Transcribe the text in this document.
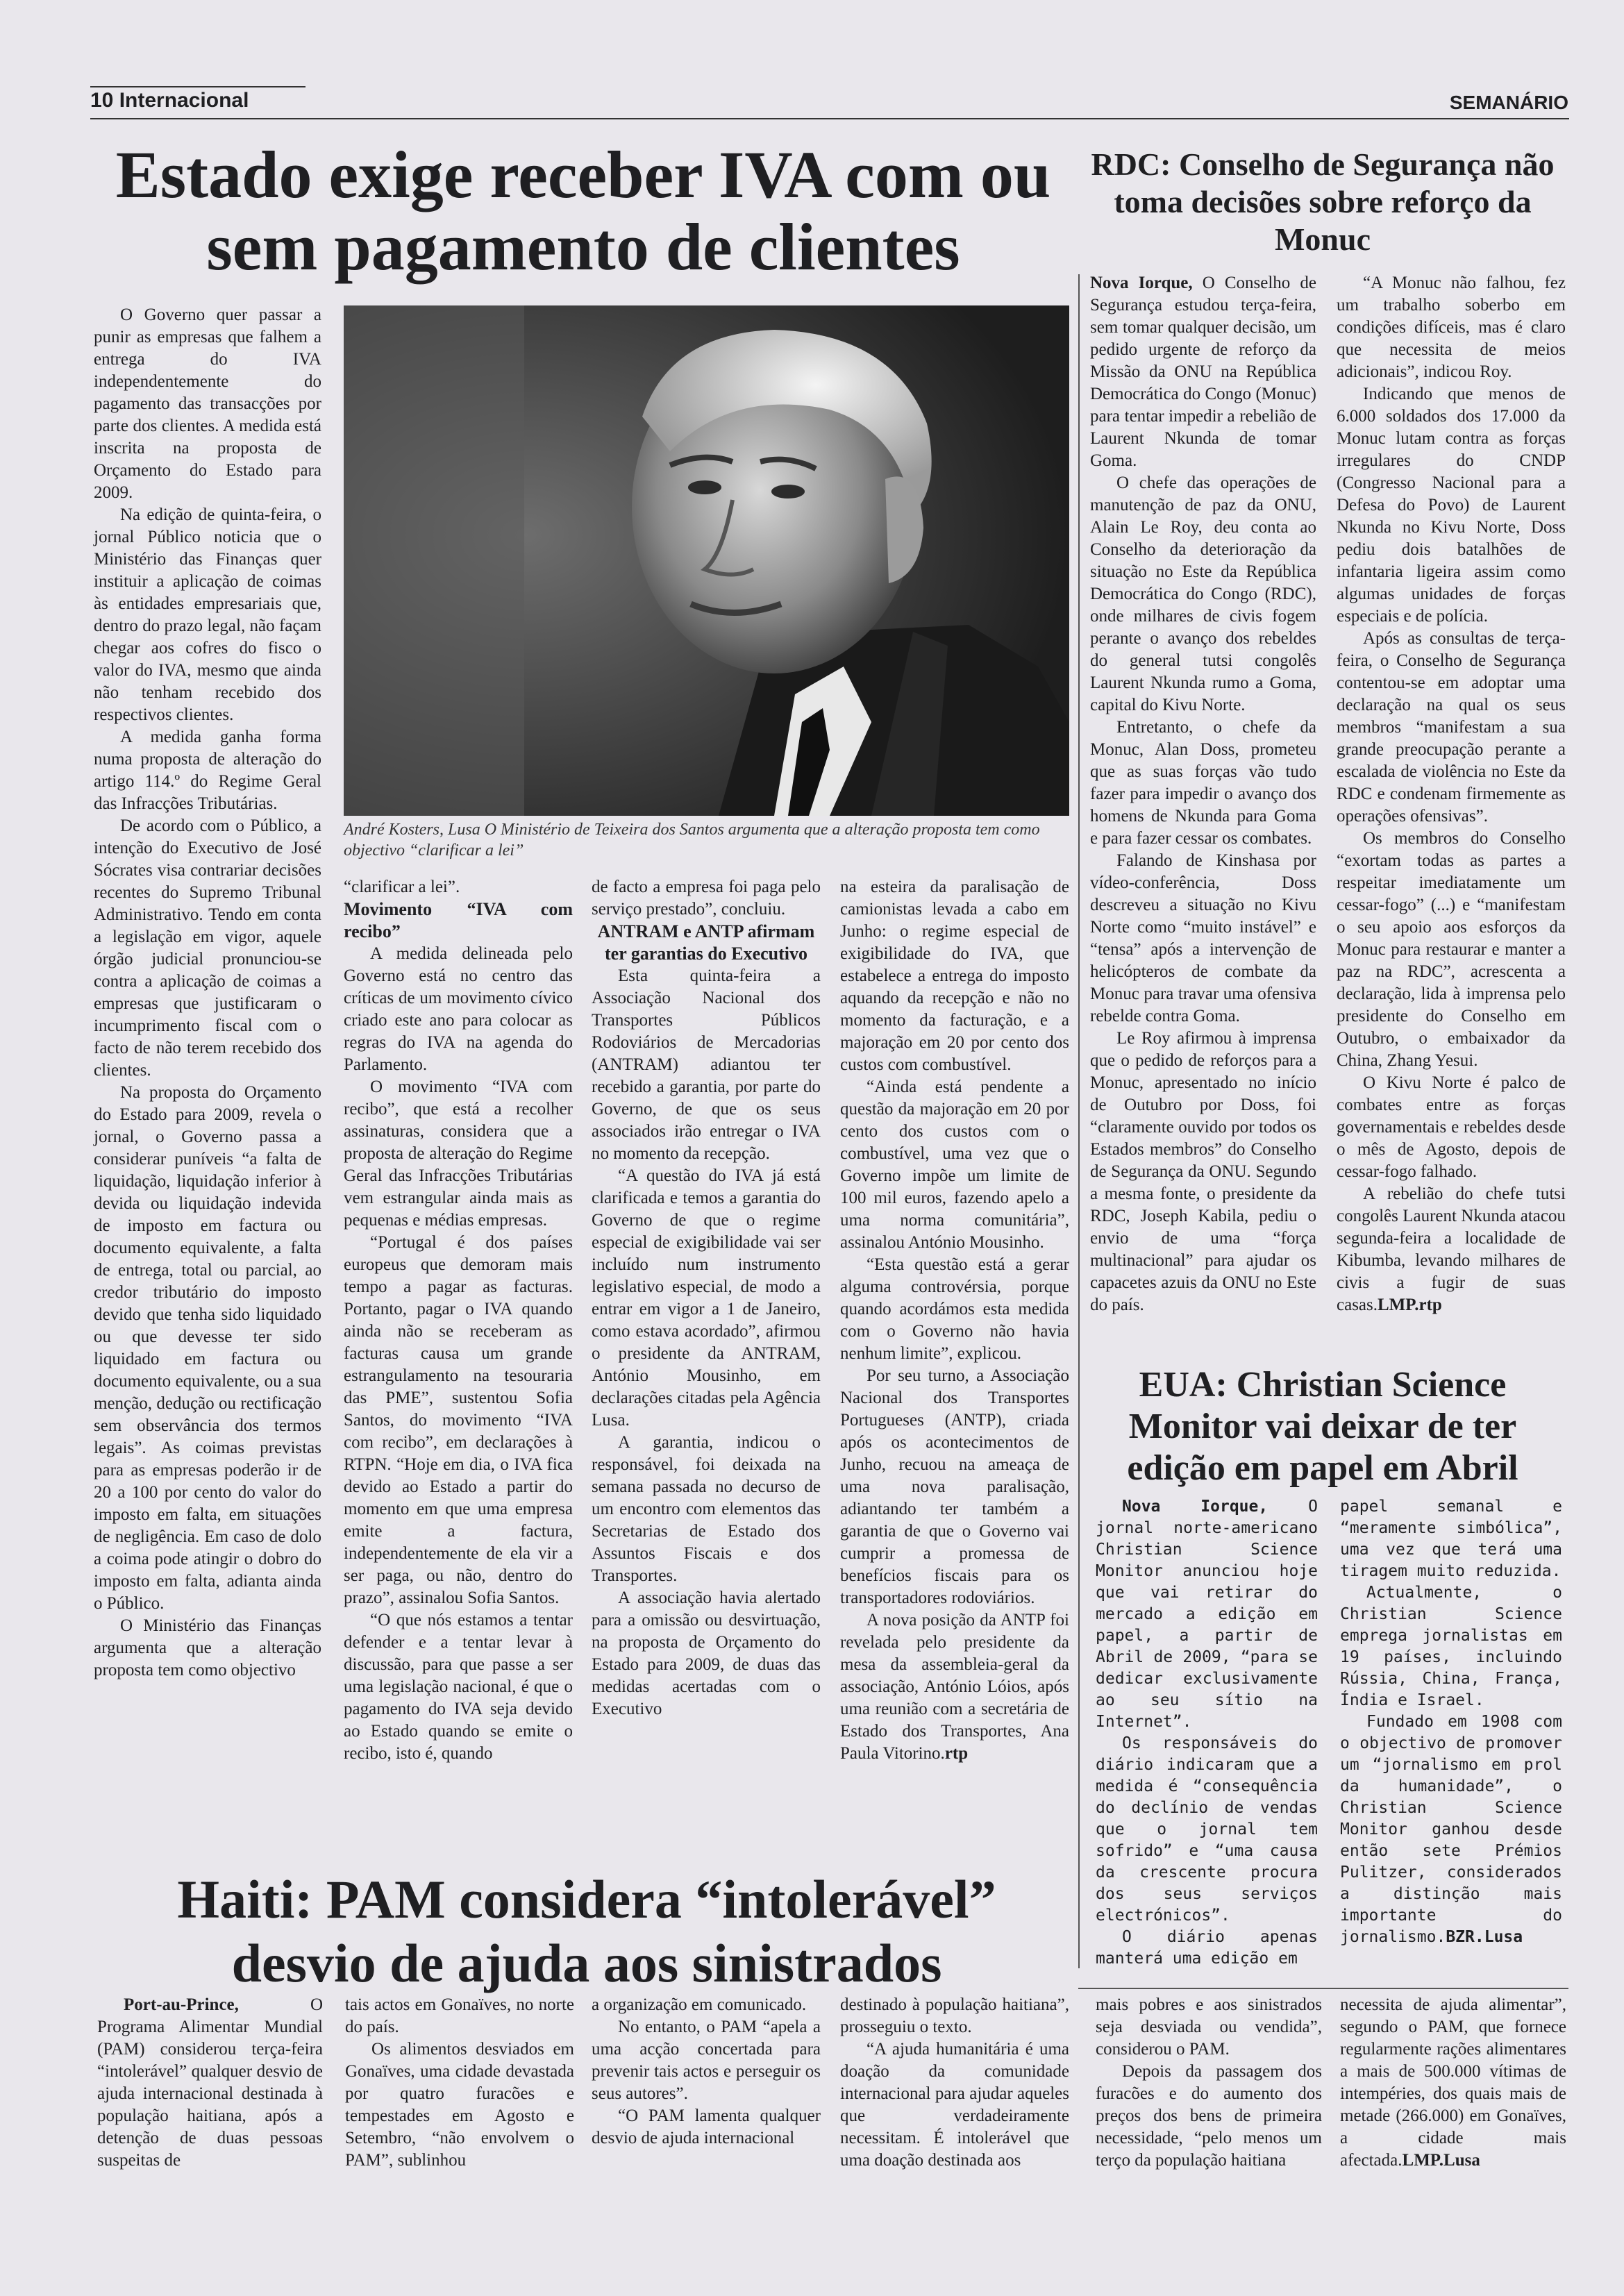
10 Internacional	SEMANÁRIO
Estado exige receber IVA com ou sem pagamento de clientes

O Governo quer passar a punir as empresas que falhem a entrega do IVA independentemente do pagamento das transacções por parte dos clientes. A medida está inscrita na proposta de Orçamento do Estado para 2009.

Na edição de quinta-feira, o jornal Público noticia que o Ministério das Finanças quer instituir a aplicação de coimas às entidades empresariais que, dentro do prazo legal, não façam chegar aos cofres do fisco o valor do IVA, mesmo que ainda não tenham recebido dos respectivos clientes.

A medida ganha forma numa proposta de alteração do artigo 114.º do Regime Geral das Infracções Tributárias.

De acordo com o Público, a intenção do Executivo de José Sócrates visa contrariar decisões recentes do Supremo Tribunal Administrativo. Tendo em conta a legislação em vigor, aquele órgão judicial pronunciou-se contra a aplicação de coimas a empresas que justificaram o incumprimento fiscal com o facto de não terem recebido dos clientes.

Na proposta do Orçamento do Estado para 2009, revela o jornal, o Governo passa a considerar puníveis “a falta de liquidação, liquidação inferior à devida ou liquidação indevida de imposto em factura ou documento equivalente, a falta de entrega, total ou parcial, ao credor tributário do imposto devido que tenha sido liquidado ou que devesse ter sido liquidado em factura ou documento equivalente, ou a sua menção, dedução ou rectificação sem observância dos termos legais”. As coimas previstas para as empresas poderão ir de 20 a 100 por cento do valor do imposto em falta, em situações de negligência. Em caso de dolo a coima pode atingir o dobro do imposto em falta, adianta ainda o Público.

O Ministério das Finanças argumenta que a alteração proposta tem como objectivo

André Kosters, Lusa O Ministério de Teixeira dos Santos argumenta que a alteração proposta tem como objectivo “clarificar a lei”

“clarificar a lei”.

Movimento “IVA com recibo”

A medida delineada pelo Governo está no centro das críticas de um movimento cívico criado este ano para colocar as regras do IVA na agenda do Parlamento.

O movimento “IVA com recibo”, que está a recolher assinaturas, considera que a proposta de alteração do Regime Geral das Infracções Tributárias vem estrangular ainda mais as pequenas e médias empresas.

“Portugal é dos países europeus que demoram mais tempo a pagar as facturas. Portanto, pagar o IVA quando ainda não se receberam as facturas causa um grande estrangulamento na tesouraria das PME”, sustentou Sofia Santos, do movimento “IVA com recibo”, em declarações à RTPN. “Hoje em dia, o IVA fica devido ao Estado a partir do momento em que uma empresa emite a factura, independentemente de ela vir a ser paga, ou não, dentro do prazo”, assinalou Sofia Santos.

“O que nós estamos a tentar defender e a tentar levar à discussão, para que passe a ser uma legislação nacional, é que o pagamento do IVA seja devido ao Estado quando se emite o recibo, isto é, quando

de facto a empresa foi paga pelo serviço prestado”, concluiu.

ANTRAM e ANTP afirmam ter garantias do Executivo

Esta quinta-feira a Associação Nacional dos Transportes Públicos Rodoviários de Mercadorias (ANTRAM) adiantou ter recebido a garantia, por parte do Governo, de que os seus associados irão entregar o IVA no momento da recepção.

“A questão do IVA já está clarificada e temos a garantia do Governo de que o regime especial de exigibilidade vai ser incluído num instrumento legislativo especial, de modo a entrar em vigor a 1 de Janeiro, como estava acordado”, afirmou o presidente da ANTRAM, António Mousinho, em declarações citadas pela Agência Lusa.

A garantia, indicou o responsável, foi deixada na semana passada no decurso de um encontro com elementos das Secretarias de Estado dos Assuntos Fiscais e dos Transportes.

A associação havia alertado para a omissão ou desvirtuação, na proposta de Orçamento do Estado para 2009, de duas das medidas acertadas com o Executivo

na esteira da paralisação de camionistas levada a cabo em Junho: o regime especial de exigibilidade do IVA, que estabelece a entrega do imposto aquando da recepção e não no momento da facturação, e a majoração em 20 por cento dos custos com combustível.

“Ainda está pendente a questão da majoração em 20 por cento dos custos com o combustível, uma vez que o Governo impõe um limite de 100 mil euros, fazendo apelo a uma norma comunitária”, assinalou António Mousinho.

“Esta questão está a gerar alguma controvérsia, porque quando acordámos esta medida com o Governo não havia nenhum limite”, explicou.

Por seu turno, a Associação Nacional dos Transportes Portugueses (ANTP), criada após os acontecimentos de Junho, recuou na ameaça de uma nova paralisação, adiantando ter também a garantia de que o Governo vai cumprir a promessa de benefícios fiscais para os transportadores rodoviários.

A nova posição da ANTP foi revelada pelo presidente da mesa da assembleia-geral da associação, António Lóios, após uma reunião com a secretária de Estado dos Transportes, Ana Paula Vitorino.rtp

RDC: Conselho de Segurança não toma decisões sobre reforço da Monuc

Nova Iorque, O Conselho de Segurança estudou terça-feira, sem tomar qualquer decisão, um pedido urgente de reforço da Missão da ONU na República Democrática do Congo (Monuc) para tentar impedir a rebelião de Laurent Nkunda de tomar Goma.

O chefe das operações de manutenção de paz da ONU, Alain Le Roy, deu conta ao Conselho da deterioração da situação no Este da República Democrática do Congo (RDC), onde milhares de civis fogem perante o avanço dos rebeldes do general tutsi congolês Laurent Nkunda rumo a Goma, capital do Kivu Norte.

Entretanto, o chefe da Monuc, Alan Doss, prometeu que as suas forças vão tudo fazer para impedir o avanço dos homens de Nkunda para Goma e para fazer cessar os combates.

Falando de Kinshasa por vídeo-conferência, Doss descreveu a situação no Kivu Norte como “muito instável” e “tensa” após a intervenção de helicópteros de combate da Monuc para travar uma ofensiva rebelde contra Goma.

Le Roy afirmou à imprensa que o pedido de reforços para a Monuc, apresentado no início de Outubro por Doss, foi “claramente ouvido por todos os Estados membros” do Conselho de Segurança da ONU. Segundo a mesma fonte, o presidente da RDC, Joseph Kabila, pediu o envio de uma “força multinacional” para ajudar os capacetes azuis da ONU no Este do país.

“A Monuc não falhou, fez um trabalho soberbo em condições difíceis, mas é claro que necessita de meios adicionais”, indicou Roy.

Indicando que menos de 6.000 soldados dos 17.000 da Monuc lutam contra as forças irregulares do CNDP (Congresso Nacional para a Defesa do Povo) de Laurent Nkunda no Kivu Norte, Doss pediu dois batalhões de infantaria ligeira assim como algumas unidades de forças especiais e de polícia.

Após as consultas de terça-feira, o Conselho de Segurança contentou-se em adoptar uma declaração na qual os seus membros “manifestam a sua grande preocupação perante a escalada de violência no Este da RDC e condenam firmemente as operações ofensivas”.

Os membros do Conselho “exortam todas as partes a respeitar imediatamente um cessar-fogo” (...) e “manifestam o seu apoio aos esforços da Monuc para restaurar e manter a paz na RDC”, acrescenta a declaração, lida à imprensa pelo presidente do Conselho em Outubro, o embaixador da China, Zhang Yesui.

O Kivu Norte é palco de combates entre as forças governamentais e rebeldes desde o mês de Agosto, depois de cessar-fogo falhado.

A rebelião do chefe tutsi congolês Laurent Nkunda atacou segunda-feira a localidade de Kibumba, levando milhares de civis a fugir de suas casas.LMP.rtp

EUA: Christian Science Monitor vai deixar de ter edição em papel em Abril

Nova Iorque,	O jornal norte-americano Christian Science Monitor anunciou hoje que vai retirar do mercado a edição em papel, a partir de Abril de 2009, “para se dedicar exclusivamente ao seu sítio na Internet”.

Os responsáveis do diário indicaram que a medida é “consequência do declínio de vendas que o jornal tem sofrido” e “uma causa da crescente procura dos seus serviços electrónicos”.

O diário apenas manterá uma edição em

papel semanal e “meramente simbólica”, uma vez que terá uma tiragem muito reduzida.

Actualmente, o Christian Science emprega jornalistas em 19 países, incluindo Rússia, China, França, Índia e Israel.

Fundado em 1908 com o objectivo de promover um “jornalismo em prol da humanidade”, o Christian Science Monitor ganhou desde então sete Prémios Pulitzer, considerados a distinção mais importante do jornalismo.BZR.Lusa

Haiti: PAM considera “intolerável” desvio de ajuda aos sinistrados

Port-au-Prince,	O Programa Alimentar Mundial (PAM) considerou terça-feira “intolerável” qualquer desvio de ajuda internacional destinada à população haitiana, após a detenção de duas pessoas suspeitas de

tais actos em Gonaïves, no norte do país.

Os alimentos desviados em Gonaïves, uma cidade devastada por quatro furacões e tempestades em Agosto e Setembro, “não envolvem o PAM”, sublinhou

a organização em comunicado.

No entanto, o PAM “apela a uma acção concertada para prevenir tais actos e perseguir os seus autores”.

“O PAM lamenta qualquer desvio de ajuda internacional

destinado à população haitiana”, prosseguiu o texto.

“A ajuda humanitária é uma doação da comunidade internacional para ajudar aqueles que verdadeiramente necessitam. É intolerável que uma doação destinada aos

mais pobres e aos sinistrados seja desviada ou vendida”, considerou o PAM.

Depois da passagem dos furacões e do aumento dos preços dos bens de primeira necessidade, “pelo menos um terço da população haitiana

necessita de ajuda alimentar”, segundo o PAM, que fornece regularmente rações alimentares a mais de 500.000 vítimas de intempéries, dos quais mais de metade (266.000) em Gonaïves, a cidade mais afectada.LMP.Lusa
